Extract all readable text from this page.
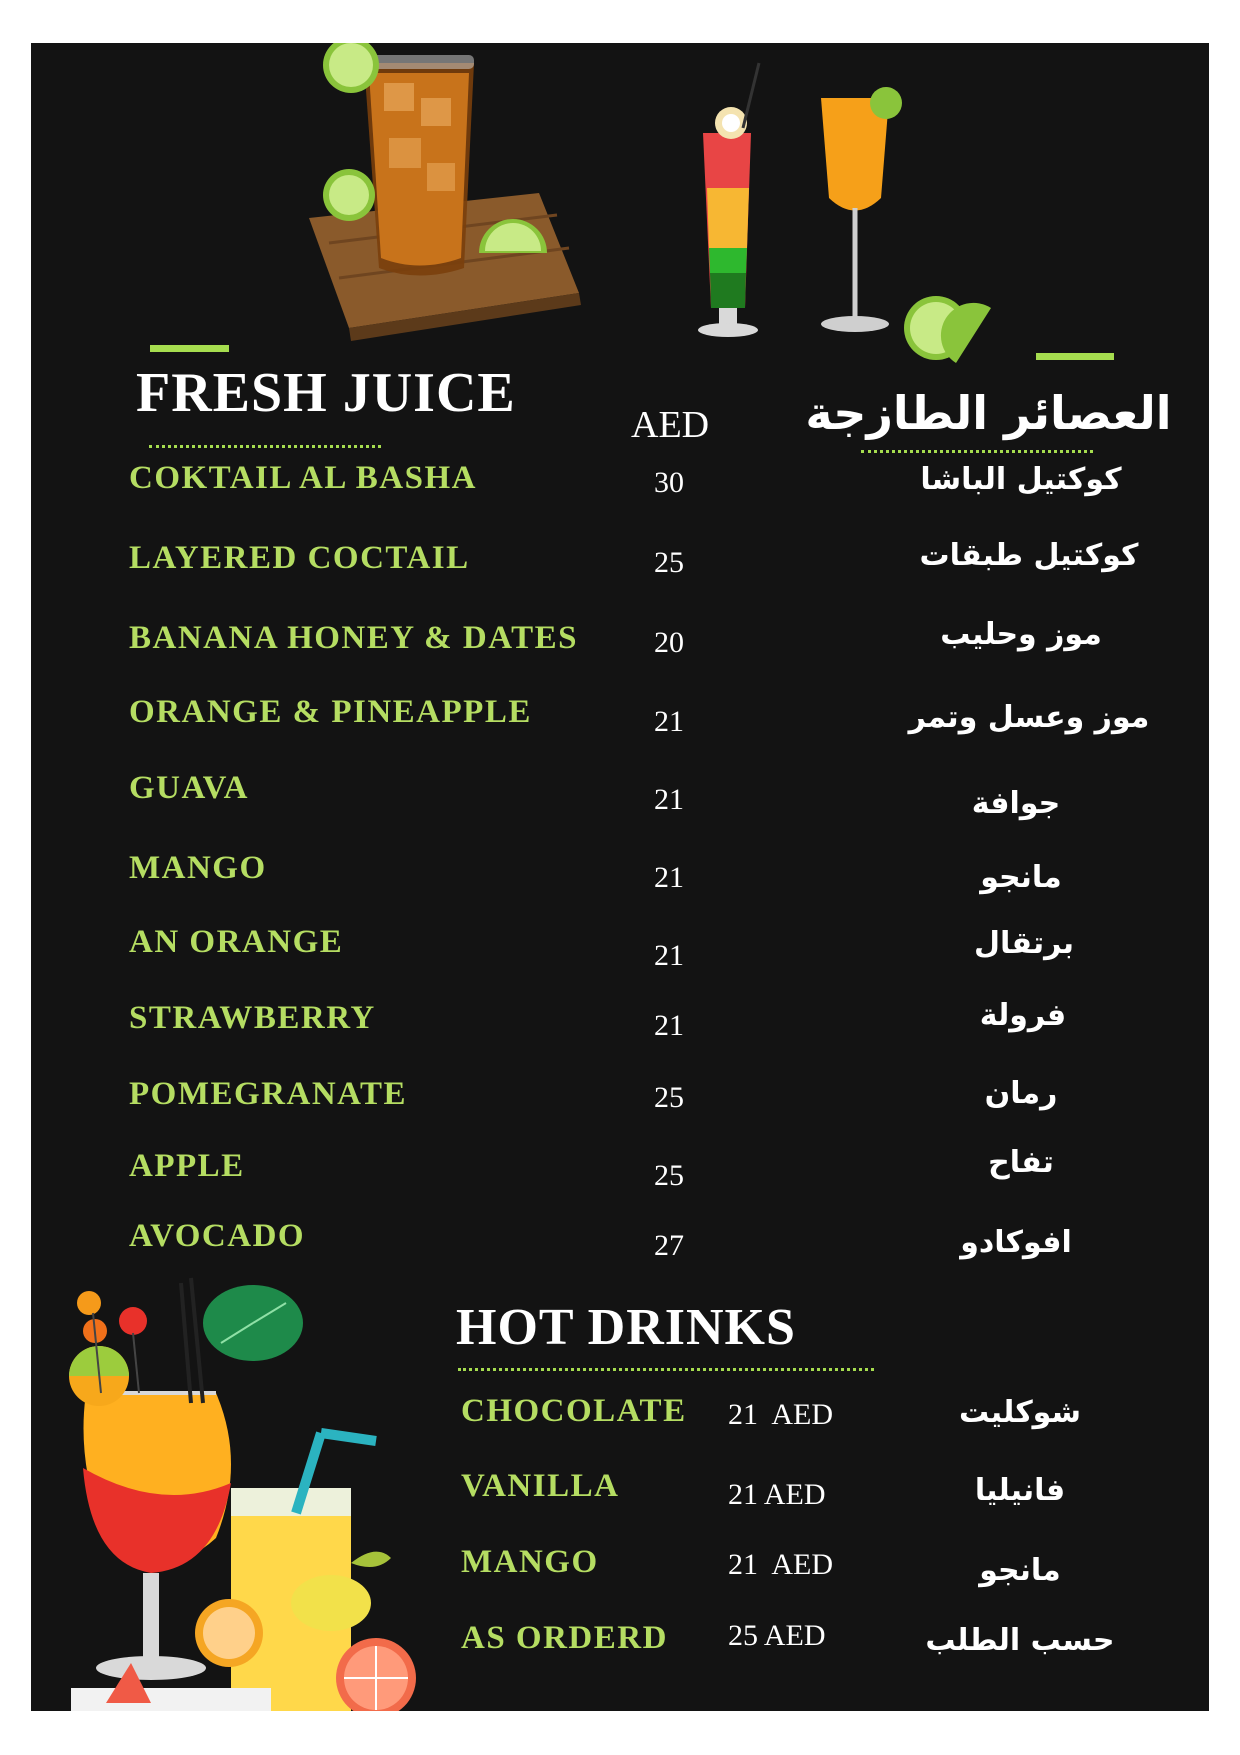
FRESH JUICE
AED العصائر الطازجة
COKTAIL AL BASHA	30	كوكتيل الباشا
LAYERED COCTAIL	25	كوكتيل طبقات
BANANA HONEY & DATES	20	موز وحليب
ORANGE & PINEAPPLE	21	موز وعسل وتمر
GUAVA	21	جوافة
MANGO	21	مانجو
AN ORANGE	21	برتقال
STRAWBERRY	21	فرولة
POMEGRANATE	25	رمان
APPLE	25	تفاح
AVOCADO	27	افوكادو
HOT DRINKS
CHOCOLATE 21  AED	شوكليت
VANILLA	21 AED	فانيليا
MANGO	21  AED	مانجو
AS ORDERD 25 AED	حسب الطلب
